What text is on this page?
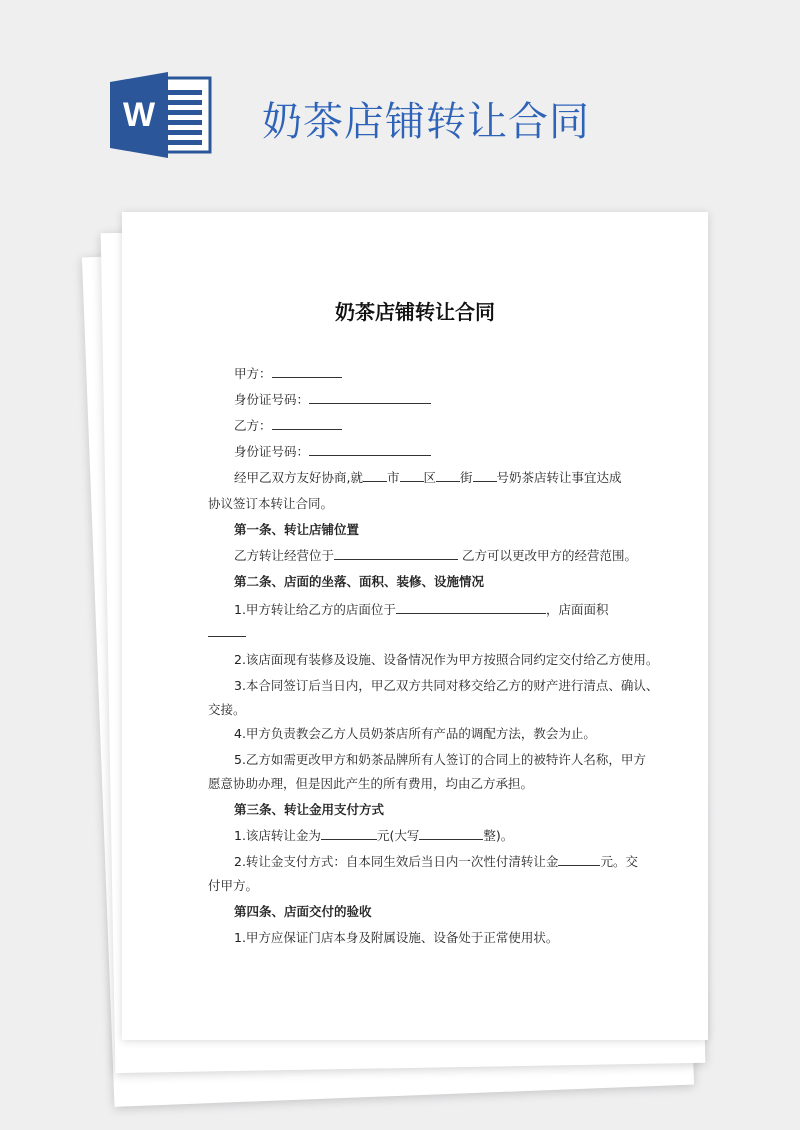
W	奶茶店铺转让合同
奶茶店铺转让合同
甲方：
身份证号码：
乙方：
身份证号码：
经甲乙双方友好协商,就 市 区 街 号奶茶店转让事宜达成
协议签订本转让合同。
第一条、转让店铺位置
乙方转让经营位于	乙方可以更改甲方的经营范围。
第二条、店面的坐落、面积、装修、设施情况
1.甲方转让给乙方的店面位于	，店面面积
2.该店面现有装修及设施、设备情况作为甲方按照合同约定交付给乙方使用。
3.本合同签订后当日内，甲乙双方共同对移交给乙方的财产进行清点、确认、
交接。
4.甲方负责教会乙方人员奶茶店所有产品的调配方法，教会为止。
5.乙方如需更改甲方和奶茶品牌所有人签订的合同上的被特许人名称，甲方
愿意协助办理，但是因此产生的所有费用，均由乙方承担。
第三条、转让金用支付方式
1.该店转让金为	元(大写	整)。
2.转让金支付方式：自本同生效后当日内一次性付清转让金	元。交
付甲方。
第四条、店面交付的验收
1.甲方应保证门店本身及附属设施、设备处于正常使用状。
